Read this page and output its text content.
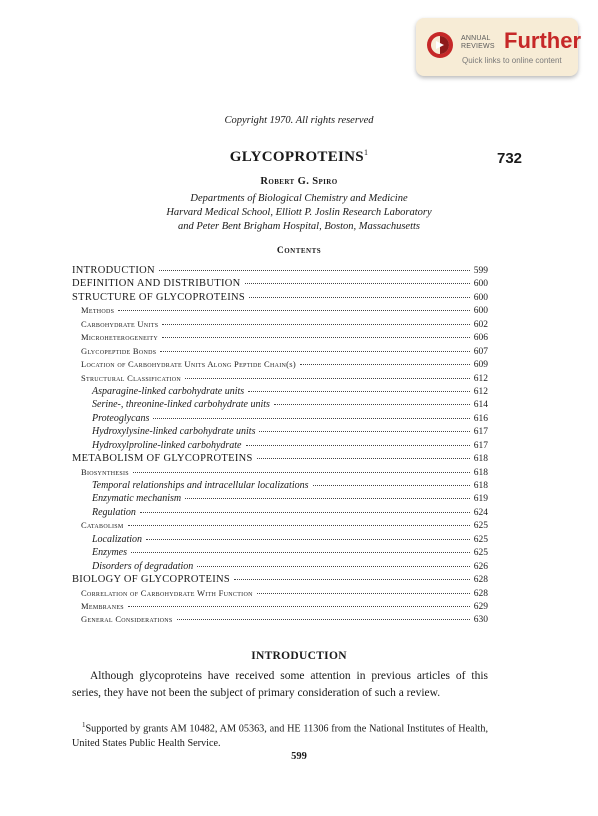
ANNUAL
REVIEWS Further
Quick links to online content
Copyright 1970. All rights reserved
GLYCOPROTEINS$^1$	732
Robert G. Spiro
Departments of Biological Chemistry and Medicine
Harvard Medical School, Elliott P. Joslin Research Laboratory
and Peter Bent Brigham Hospital, Boston, Massachusetts
Contents
INTRODUCTION	599
DEFINITION AND DISTRIBUTION	600
STRUCTURE OF GLYCOPROTEINS	600
Methods	600
Carbohydrate Units	602
Microheterogeneity	606
Glycopeptide Bonds	607
Location of Carbohydrate Units Along Peptide Chain(s)	609
Structural Classification	612
Asparagine-linked carbohydrate units	612
Serine-, threonine-linked carbohydrate units	614
Proteoglycans	616
Hydroxylysine-linked carbohydrate units	617
Hydroxylproline-linked carbohydrate	617
METABOLISM OF GLYCOPROTEINS	618
Biosynthesis	618
Temporal relationships and intracellular localizations	618
Enzymatic mechanism	619
Regulation	624
Catabolism	625
Localization	625
Enzymes	625
Disorders of degradation	626
BIOLOGY OF GLYCOPROTEINS	628
Correlation of Carbohydrate With Function	628
Membranes	629
General Considerations	630
INTRODUCTION
Although glycoproteins have received some attention in previous articles of this series, they have not been the subject of primary consideration of such a review.
$^1$Supported by grants AM 10482, AM 05363, and HE 11306 from the National Institutes of Health, United States Public Health Service.
599
